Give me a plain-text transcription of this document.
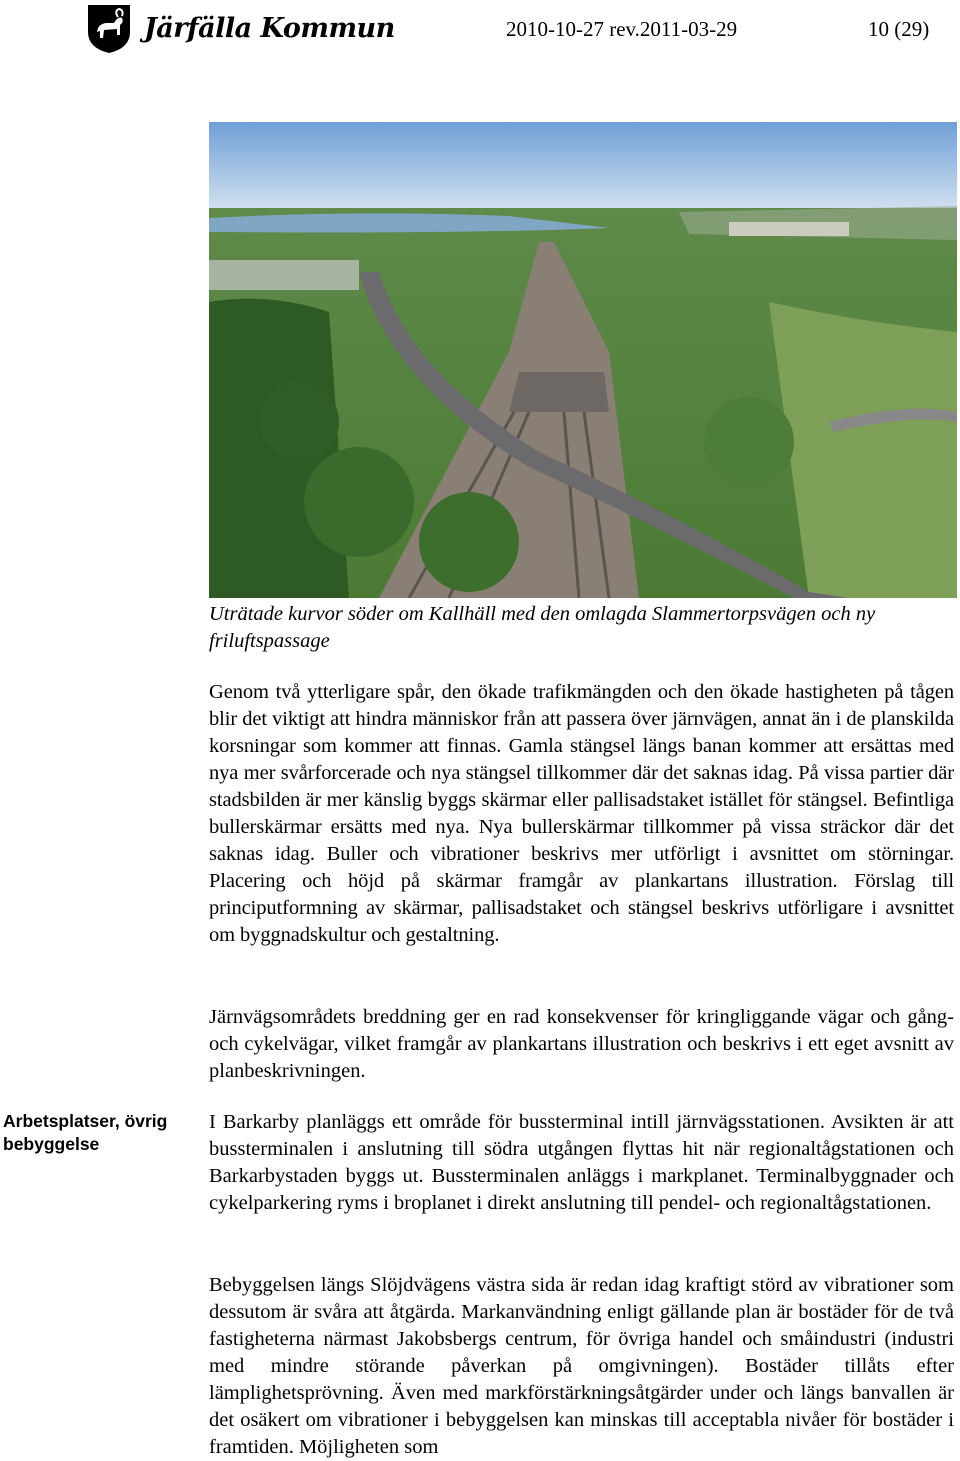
Järfälla Kommun	2010-10-27 rev.2011-03-29	10 (29)
Uträtade kurvor söder om Kallhäll med den omlagda Slammertorpsvägen och ny friluftspassage

Genom två ytterligare spår, den ökade trafikmängden och den ökade hastigheten på tågen blir det viktigt att hindra människor från att passera över järnvägen, annat än i de planskilda korsningar som kommer att finnas. Gamla stängsel längs banan kommer att ersättas med nya mer svårforcerade och nya stängsel tillkommer där det saknas idag. På vissa partier där stadsbilden är mer känslig byggs skärmar eller pallisadstaket istället för stängsel. Befintliga bullerskärmar ersätts med nya. Nya bullerskärmar tillkommer på vissa sträckor där det saknas idag. Buller och vibrationer beskrivs mer utförligt i avsnittet om störningar. Placering och höjd på skärmar framgår av plankartans illustration. Förslag till principutformning av skärmar, pallisadstaket och stängsel beskrivs utförligare i avsnittet om byggnadskultur och gestaltning.

Järnvägsområdets breddning ger en rad konsekvenser för kringliggande vägar och gång- och cykelvägar, vilket framgår av plankartans illustration och beskrivs i ett eget avsnitt av planbeskrivningen.

Arbetsplatser, övrig bebyggelse

I Barkarby planläggs ett område för bussterminal intill järnvägsstationen. Avsikten är att bussterminalen i anslutning till södra utgången flyttas hit när regionaltågstationen och Barkarbystaden byggs ut. Bussterminalen anläggs i markplanet. Terminalbyggnader och cykelparkering ryms i broplanet i direkt anslutning till pendel- och regionaltågstationen.

Bebyggelsen längs Slöjdvägens västra sida är redan idag kraftigt störd av vibrationer som dessutom är svåra att åtgärda. Markanvändning enligt gällande plan är bostäder för de två fastigheterna närmast Jakobsbergs centrum, för övriga handel och småindustri (industri med mindre störande påverkan på omgivningen). Bostäder tillåts efter lämplighetsprövning. Även med markförstärkningsåtgärder under och längs banvallen är det osäkert om vibrationer i bebyggelsen kan minskas till acceptabla nivåer för bostäder i framtiden. Möjligheten som
